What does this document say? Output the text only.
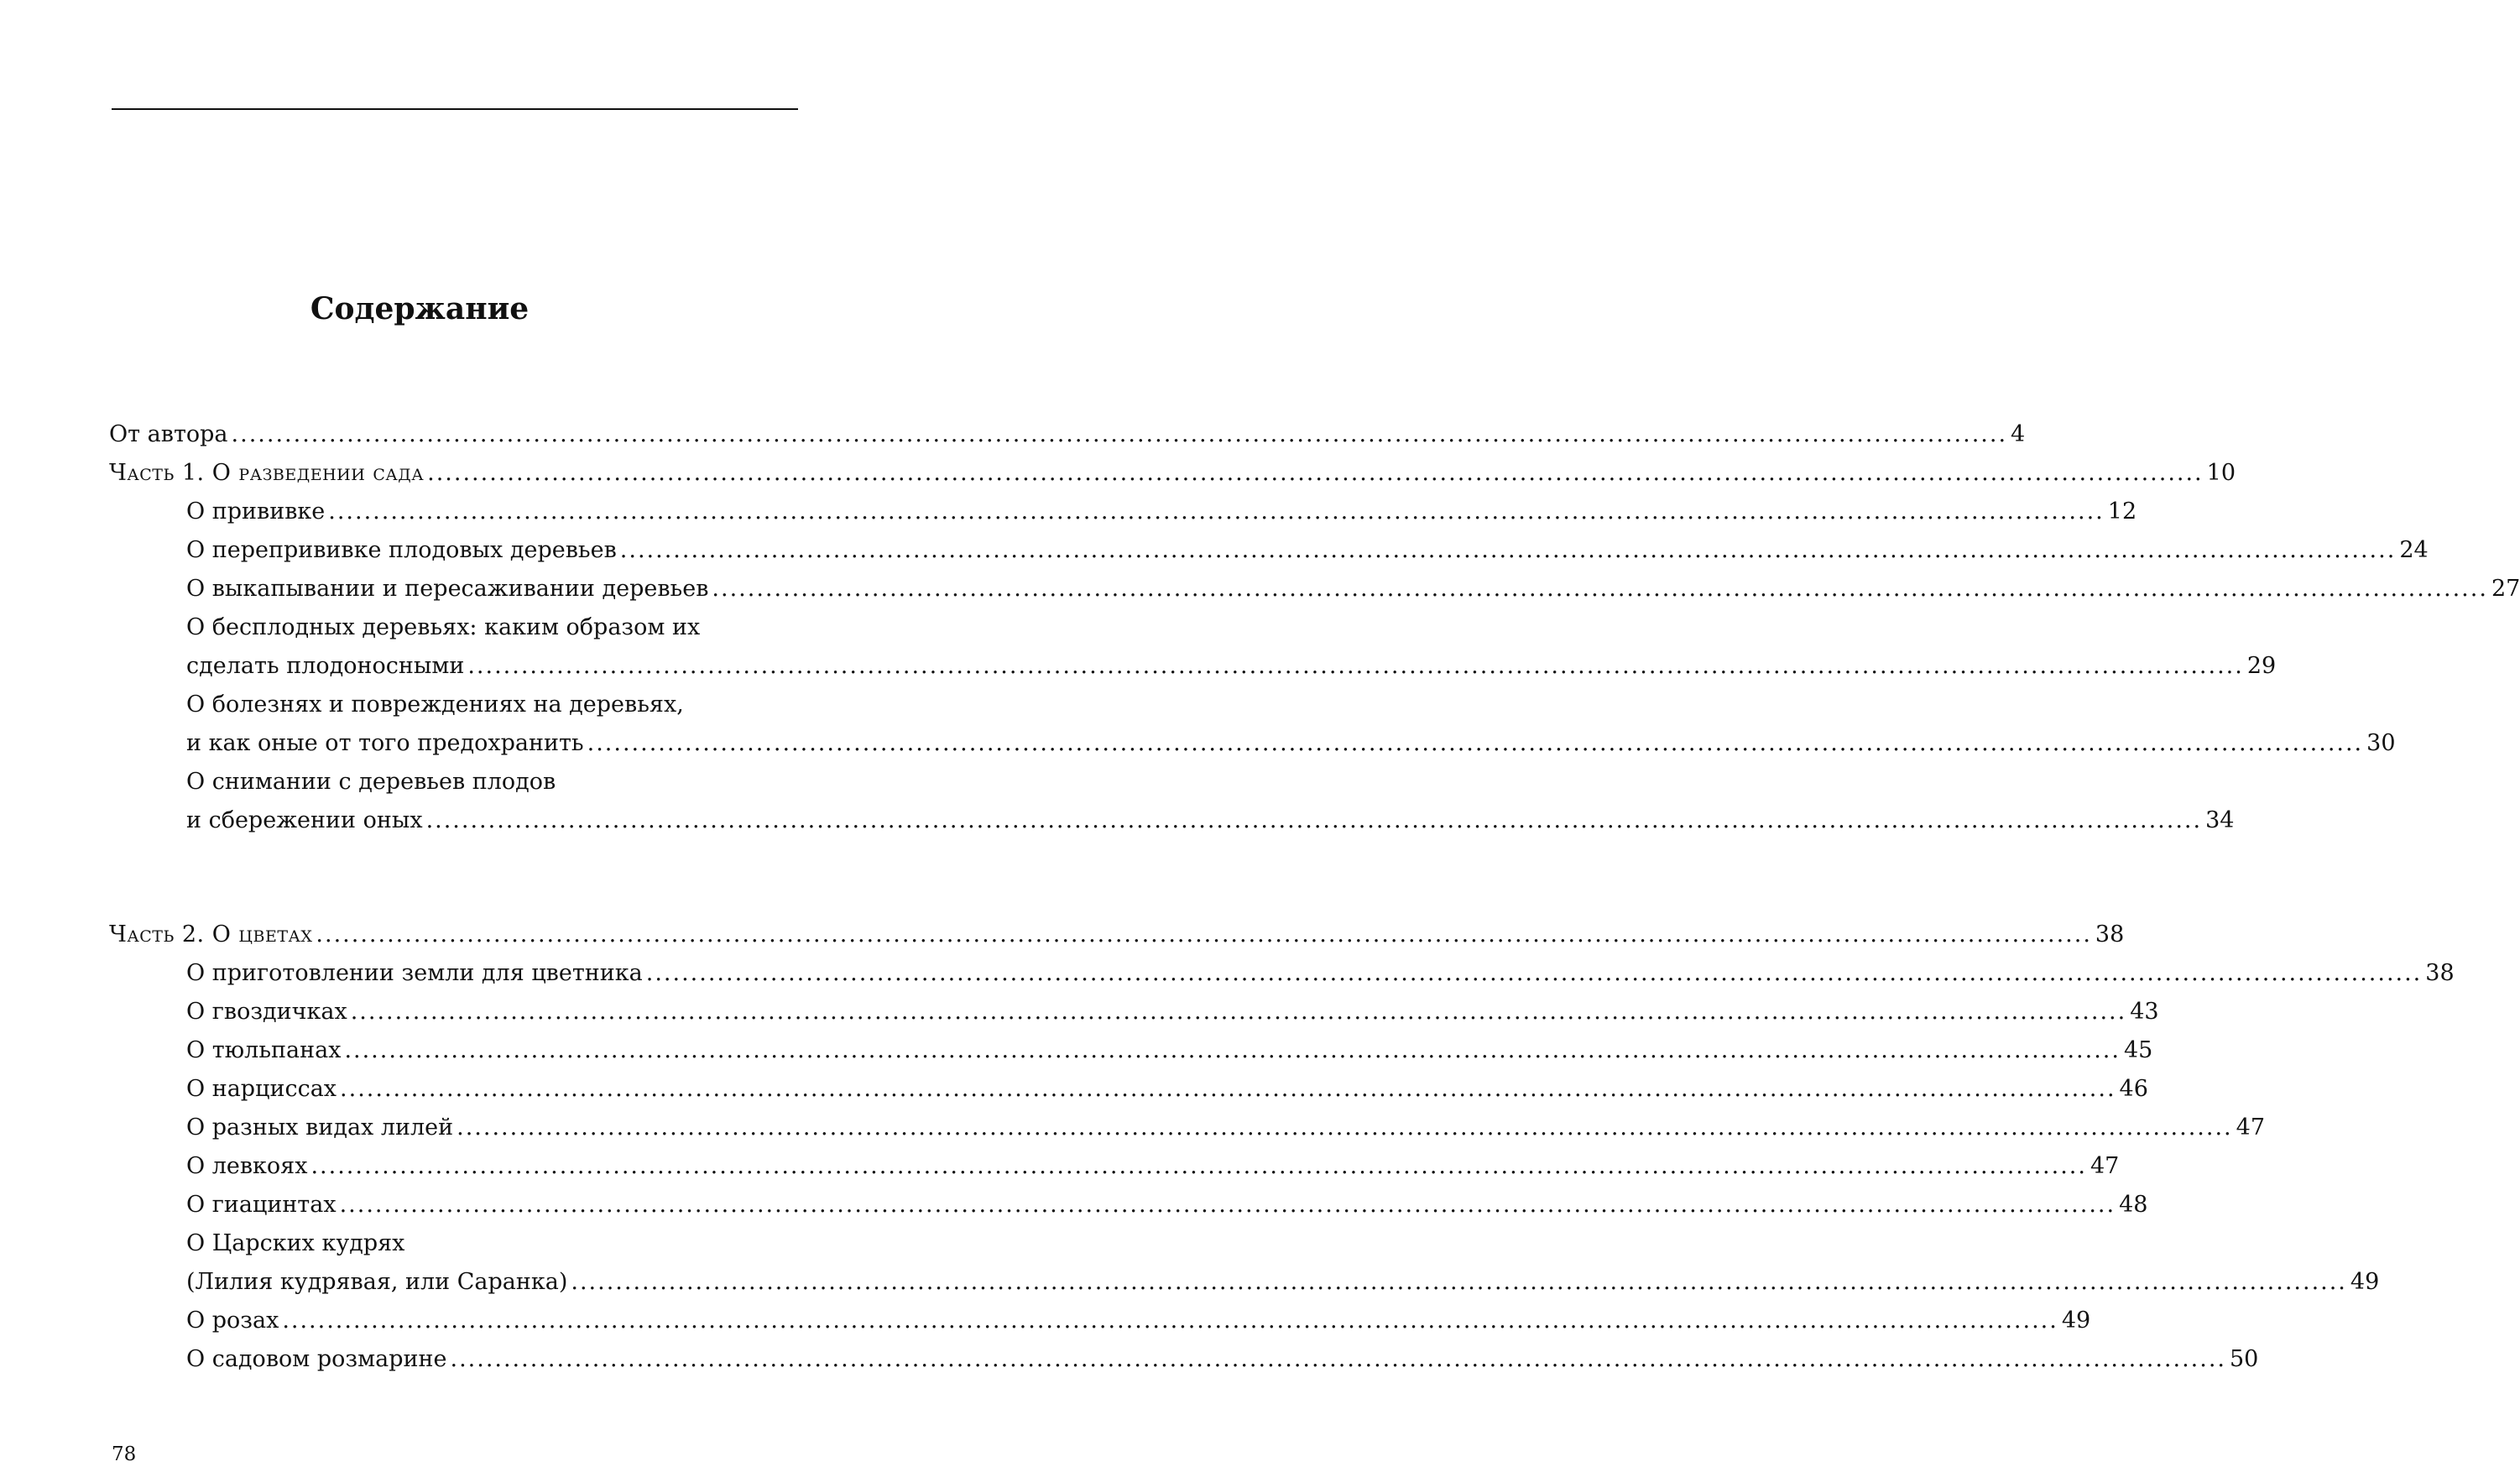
Содержание
От автора ........................................................................................................................................................................................................ 4
Часть 1. О разведении сада ........................................................................................................................................................................................................ 10
О прививке ........................................................................................................................................................................................................ 12
О перепрививке плодовых деревьев ........................................................................................................................................................................................................ 24
О выкапывании и пересаживании деревьев ........................................................................................................................................................................................................ 27
О бесплодных деревьях: каким образом их
сделать плодоносными ........................................................................................................................................................................................................ 29
О болезнях и повреждениях на деревьях,
и как оные от того предохранить ........................................................................................................................................................................................................ 30
О снимании с деревьев плодов
и сбережении оных ........................................................................................................................................................................................................ 34
Часть 2. О цветах ........................................................................................................................................................................................................ 38
О приготовлении земли для цветника ........................................................................................................................................................................................................ 38
О гвоздичках ........................................................................................................................................................................................................ 43
О тюльпанах ........................................................................................................................................................................................................ 45
О нарциссах ........................................................................................................................................................................................................ 46
О разных видах лилей ........................................................................................................................................................................................................ 47
О левкоях ........................................................................................................................................................................................................ 47
О гиацинтах ........................................................................................................................................................................................................ 48
О Царских кудрях
(Лилия кудрявая, или Саранка) ........................................................................................................................................................................................................ 49
О розах ........................................................................................................................................................................................................ 49
О садовом розмарине ........................................................................................................................................................................................................ 50
78
